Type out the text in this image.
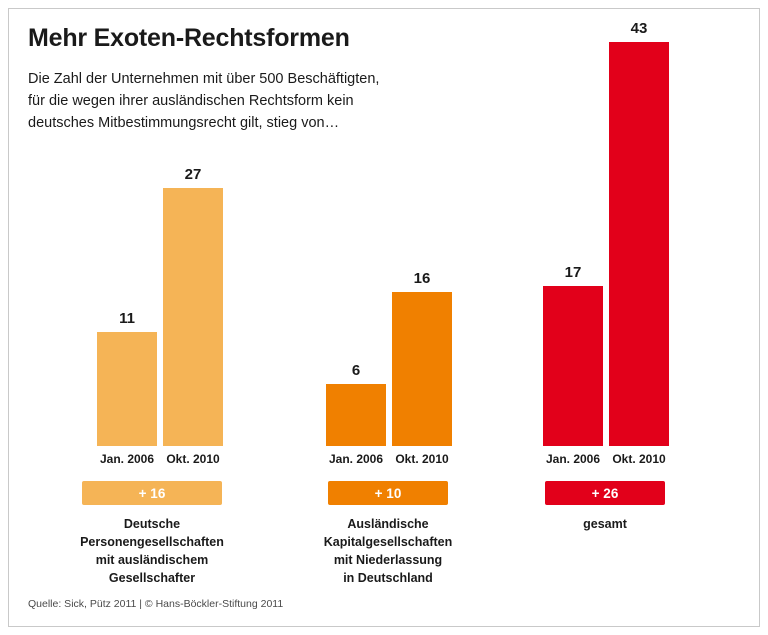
Mehr Exoten-Rechtsformen
Die Zahl der Unternehmen mit über 500 Beschäftigten,
für die wegen ihrer ausländischen Rechtsform kein
deutsches Mitbestimmungsrecht gilt, stieg von…
11
Jan. 2006
27
Okt. 2010
+ 16
Deutsche
Personengesellschaften
mit ausländischem
Gesellschafter
6
Jan. 2006
16
Okt. 2010
+ 10
Ausländische
Kapitalgesellschaften
mit Niederlassung
in Deutschland
17
Jan. 2006
43
Okt. 2010
+ 26
gesamt
Quelle: Sick, Pütz 2011 | © Hans-Böckler-Stiftung 2011
